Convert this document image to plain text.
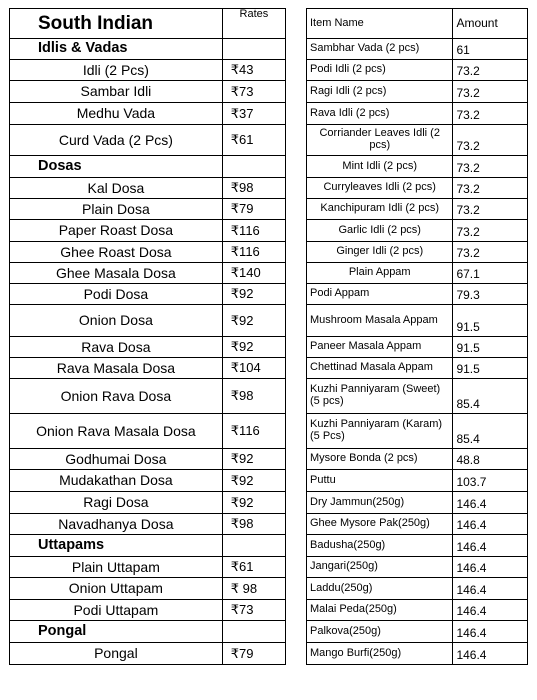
South Indian	Rates
Idlis & Vadas	
Idli (2 Pcs)	₹43
Sambar Idli	₹73
Medhu Vada	₹37
Curd Vada (2 Pcs)	₹61
Dosas	
Kal Dosa	₹98
Plain Dosa	₹79
Paper Roast Dosa	₹116
Ghee Roast Dosa	₹116
Ghee Masala Dosa	₹140
Podi Dosa	₹92
Onion Dosa	₹92
Rava Dosa	₹92
Rava Masala Dosa	₹104
Onion Rava Dosa	₹98
Onion Rava Masala Dosa	₹116
Godhumai Dosa	₹92
Mudakathan Dosa	₹92
Ragi Dosa	₹92
Navadhanya Dosa	₹98
Uttapams	
Plain Uttapam	₹61
Onion Uttapam	₹ 98
Podi Uttapam	₹73
Pongal	
Pongal	₹79
Item Name	Amount
Sambhar Vada (2 pcs)	61
Podi Idli (2 pcs)	73.2
Ragi Idli (2 pcs)	73.2
Rava Idli (2 pcs)	73.2
Corriander Leaves Idli (2 pcs)	73.2
Mint Idli (2 pcs)	73.2
Curryleaves Idli (2 pcs)	73.2
Kanchipuram Idli (2 pcs)	73.2
Garlic Idli (2 pcs)	73.2
Ginger Idli (2 pcs)	73.2
Plain Appam	67.1
Podi Appam	79.3
Mushroom Masala Appam	91.5
Paneer Masala Appam	91.5
Chettinad Masala Appam	91.5
Kuzhi Panniyaram (Sweet) (5 pcs)	85.4
Kuzhi Panniyaram (Karam) (5 Pcs)	85.4
Mysore Bonda (2 pcs)	48.8
Puttu	103.7
Dry Jammun(250g)	146.4
Ghee Mysore Pak(250g)	146.4
Badusha(250g)	146.4
Jangari(250g)	146.4
Laddu(250g)	146.4
Malai Peda(250g)	146.4
Palkova(250g)	146.4
Mango Burfi(250g)	146.4
